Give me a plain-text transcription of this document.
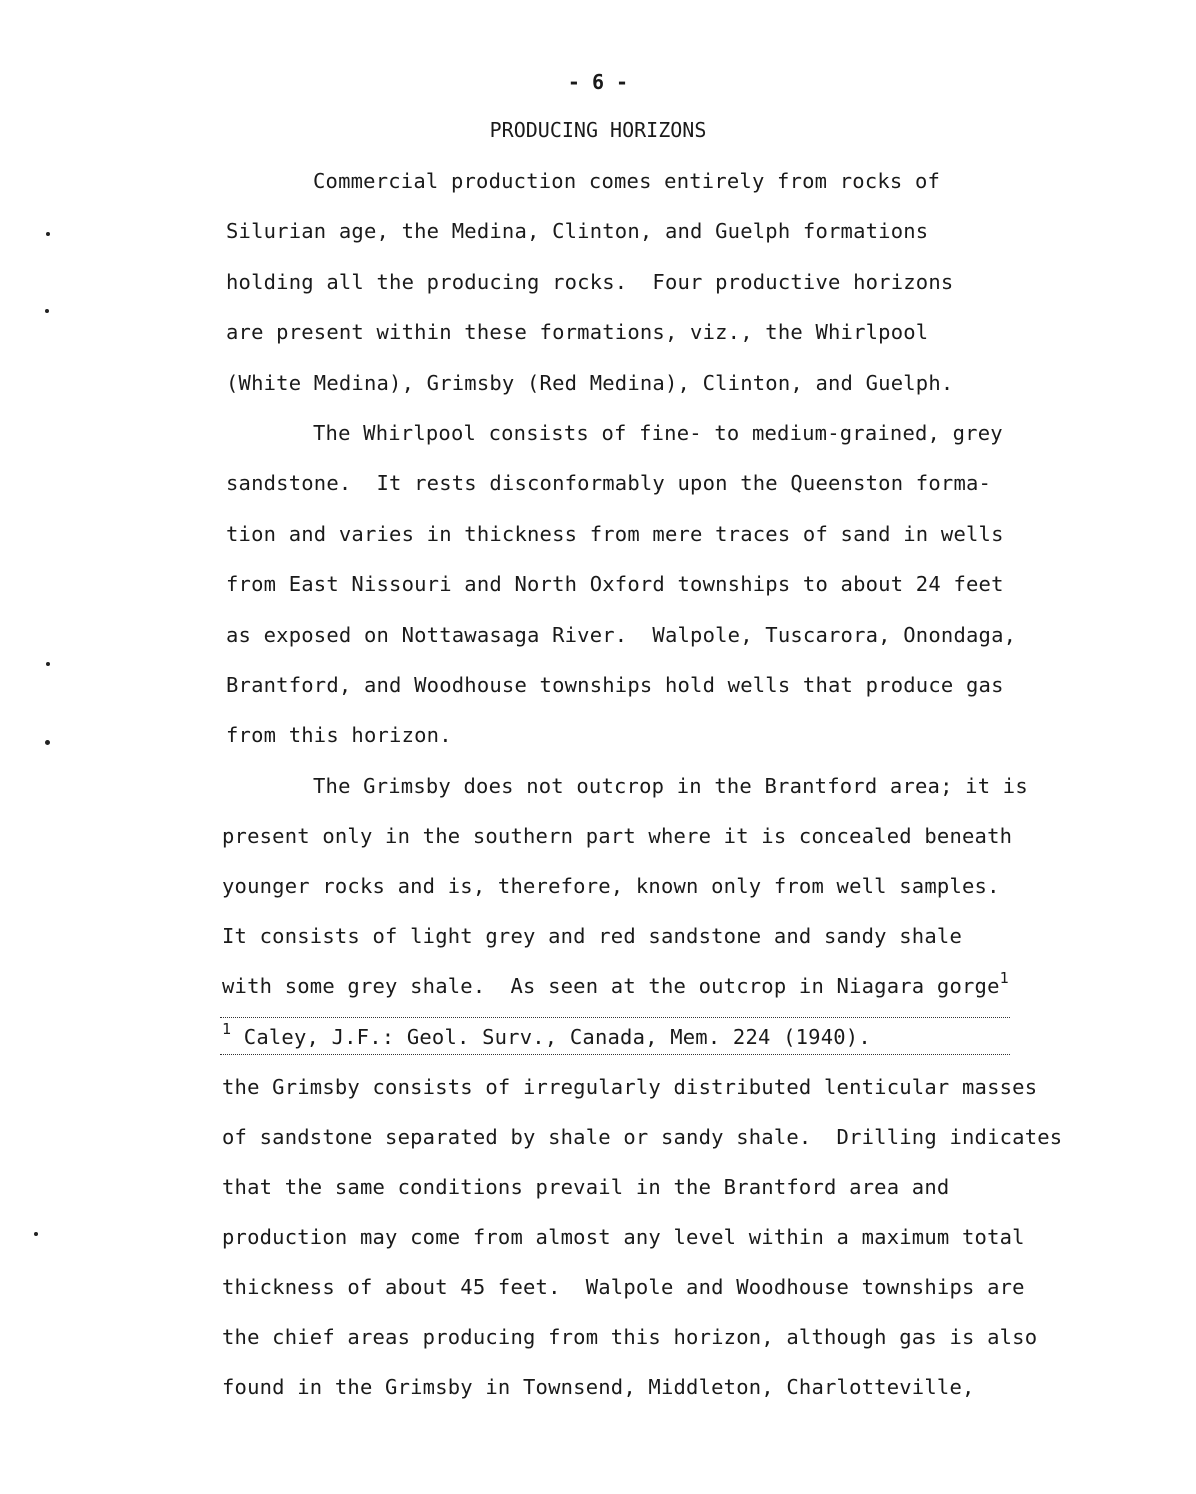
- 6 -
PRODUCING HORIZONS
Commercial production comes entirely from rocks of
Silurian age, the Medina, Clinton, and Guelph formations
holding all the producing rocks.  Four productive horizons
are present within these formations, viz., the Whirlpool
(White Medina), Grimsby (Red Medina), Clinton, and Guelph.
The Whirlpool consists of fine- to medium-grained, grey
sandstone.  It rests disconformably upon the Queenston forma-
tion and varies in thickness from mere traces of sand in wells
from East Nissouri and North Oxford townships to about 24 feet
as exposed on Nottawasaga River.  Walpole, Tuscarora, Onondaga,
Brantford, and Woodhouse townships hold wells that produce gas
from this horizon.
The Grimsby does not outcrop in the Brantford area; it is
present only in the southern part where it is concealed beneath
younger rocks and is, therefore, known only from well samples.
It consists of light grey and red sandstone and sandy shale
with some grey shale.  As seen at the outcrop in Niagara gorge$^1$
$^1$ Caley, J.F.: Geol. Surv., Canada, Mem. 224 (1940).
the Grimsby consists of irregularly distributed lenticular masses
of sandstone separated by shale or sandy shale.  Drilling indicates
that the same conditions prevail in the Brantford area and
production may come from almost any level within a maximum total
thickness of about 45 feet.  Walpole and Woodhouse townships are
the chief areas producing from this horizon, although gas is also
found in the Grimsby in Townsend, Middleton, Charlotteville,
